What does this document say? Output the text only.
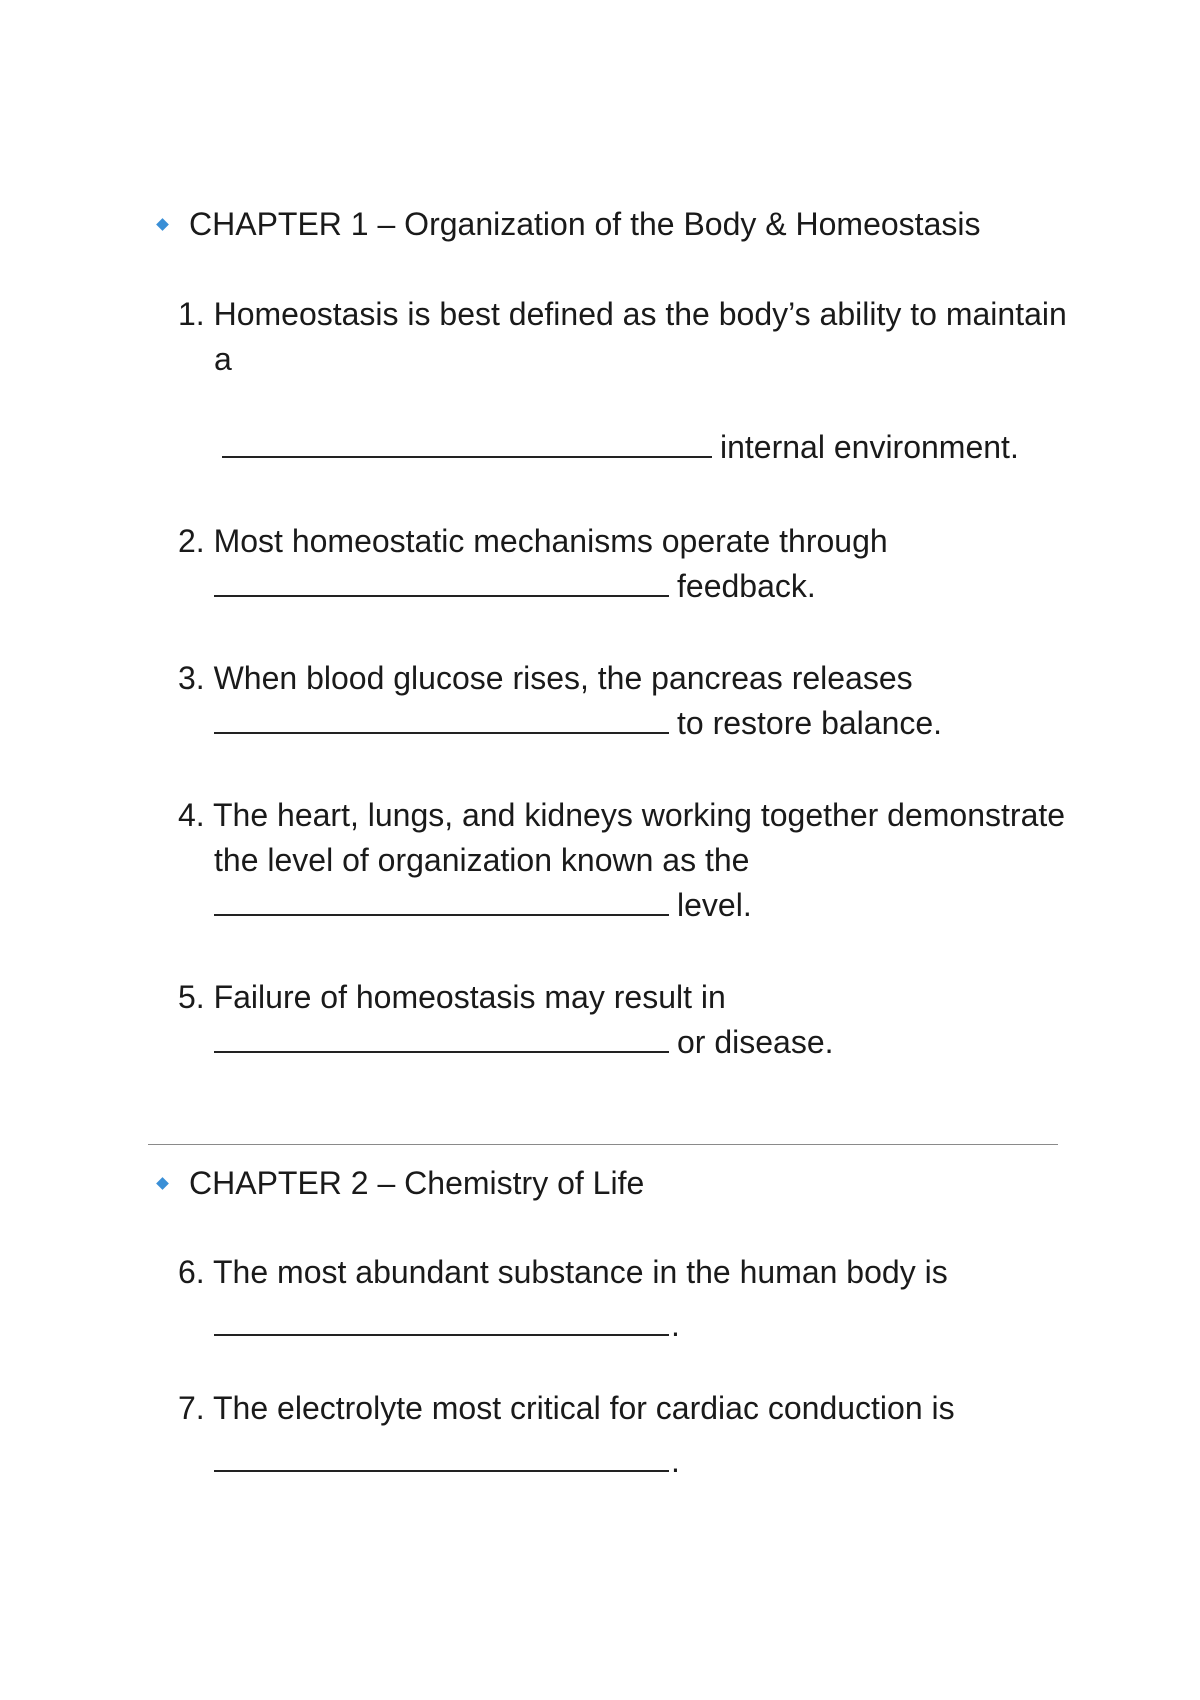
CHAPTER 1 – Organization of the Body & Homeostasis
1. Homeostasis is best defined as the body’s ability to maintain
a
internal environment.
2. Most homeostatic mechanisms operate through
feedback.
3. When blood glucose rises, the pancreas releases
to restore balance.
4. The heart, lungs, and kidneys working together demonstrate
the level of organization known as the
level.
5. Failure of homeostasis may result in
or disease.
CHAPTER 2 – Chemistry of Life
6. The most abundant substance in the human body is
.
7. The electrolyte most critical for cardiac conduction is
.
